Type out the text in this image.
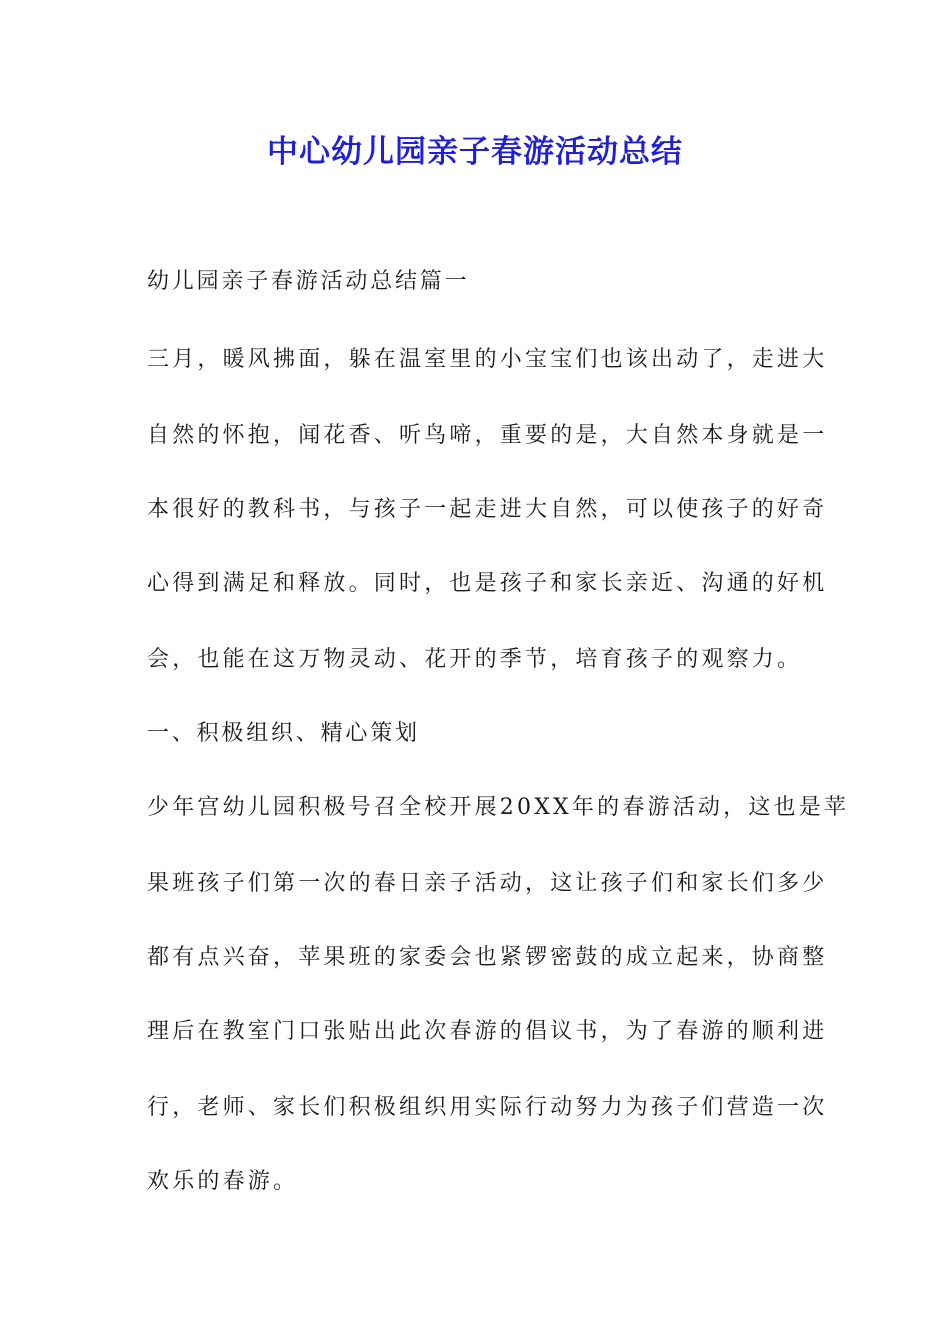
中心幼儿园亲子春游活动总结

幼儿园亲子春游活动总结篇一

三月，暖风拂面，躲在温室里的小宝宝们也该出动了，走进大

自然的怀抱，闻花香、听鸟啼，重要的是，大自然本身就是一

本很好的教科书，与孩子一起走进大自然，可以使孩子的好奇

心得到满足和释放。同时，也是孩子和家长亲近、沟通的好机

会，也能在这万物灵动、花开的季节，培育孩子的观察力。

一、积极组织、精心策划

少年宫幼儿园积极号召全校开展20XX年的春游活动，这也是苹

果班孩子们第一次的春日亲子活动，这让孩子们和家长们多少

都有点兴奋，苹果班的家委会也紧锣密鼓的成立起来，协商整

理后在教室门口张贴出此次春游的倡议书，为了春游的顺利进

行，老师、家长们积极组织用实际行动努力为孩子们营造一次

欢乐的春游。
